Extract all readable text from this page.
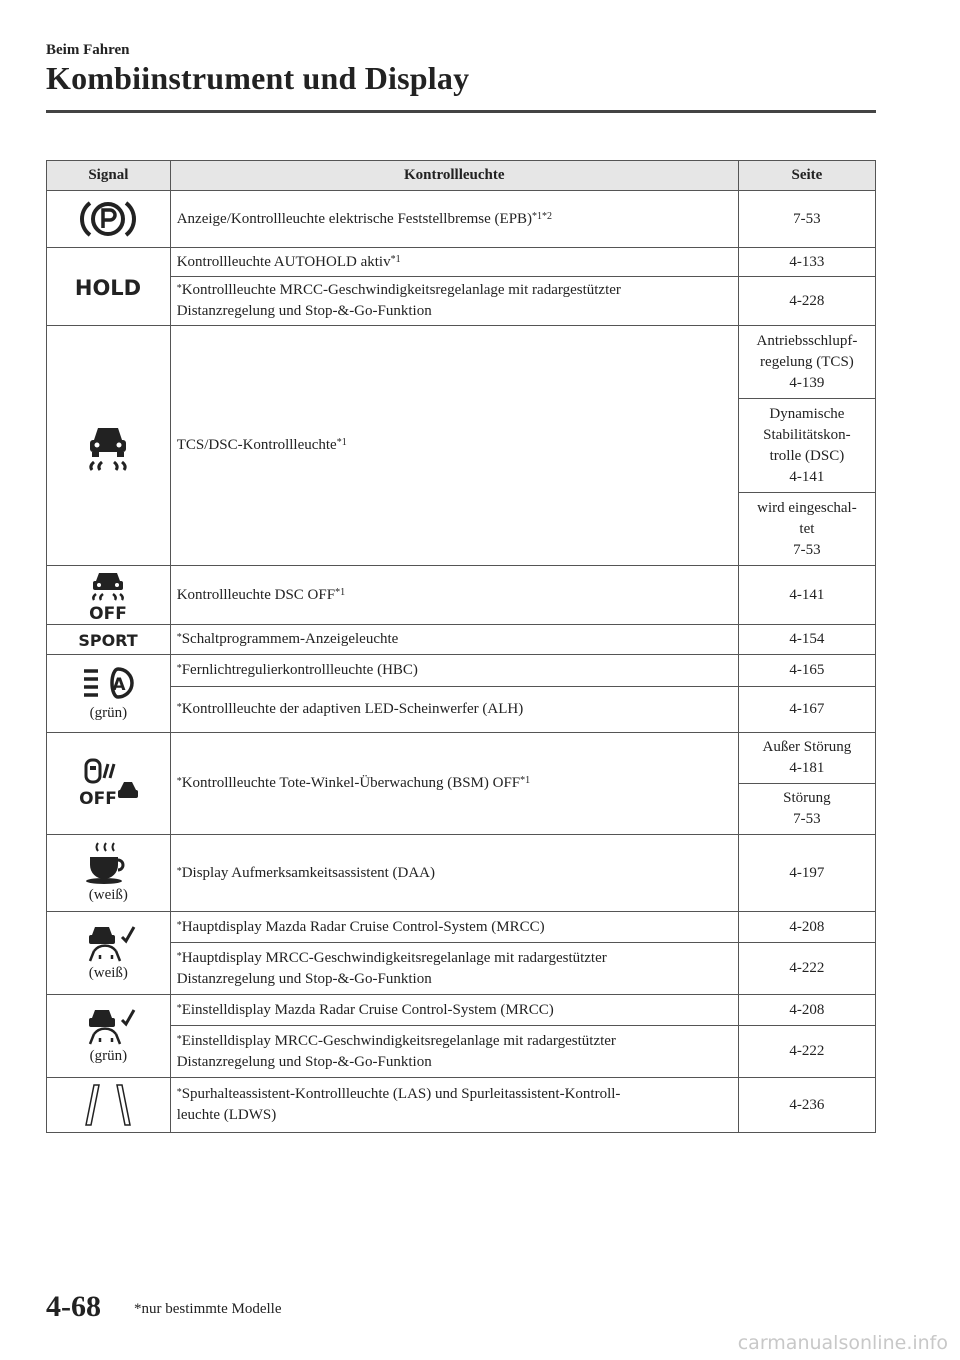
Beim Fahren
Kombiinstrument und Display
Signal	Kontrollleuchte	Seite

	Anzeige/Kontrollleuchte elektrische Feststellbremse (EPB)$^{*1*2}$	7-53

HOLD	Kontrollleuchte AUTOHOLD aktiv$^{*1}$	4-133
	*Kontrollleuchte MRCC-Geschwindigkeitsregelanlage mit radargestützter
Distanzregelung und Stop-&-Go-Funktion	4-228

	TCS/DSC-Kontrollleuchte$^{*1}$	Antriebsschlupf-
regelung (TCS)
4-139

		Dynamische
Stabilitätskon-
trolle (DSC)
4-141

		wird eingeschal-
tet
7-53

OFF	Kontrollleuchte DSC OFF$^{*1}$	4-141

SPORT	*Schaltprogrammem-Anzeigeleuchte	4-154

A
(grün)	*Fernlichtregulierkontrollleuchte (HBC)	4-165
	*Kontrollleuchte der adaptiven LED-Scheinwerfer (ALH)	4-167

OFF	*Kontrollleuchte Tote-Winkel-Überwachung (BSM) OFF$^{*1}$	Außer Störung
4-181

		Störung
7-53

(weiß)	*Display Aufmerksamkeitsassistent (DAA)	4-197

(weiß)	*Hauptdisplay Mazda Radar Cruise Control-System (MRCC)	4-208
	*Hauptdisplay MRCC-Geschwindigkeitsregelanlage mit radargestützter
Distanzregelung und Stop-&-Go-Funktion	4-222

(grün)	*Einstelldisplay Mazda Radar Cruise Control-System (MRCC)	4-208
	*Einstelldisplay MRCC-Geschwindigkeitsregelanlage mit radargestützter
Distanzregelung und Stop-&-Go-Funktion	4-222

	*Spurhalteassistent-Kontrollleuchte (LAS) und Spurleitassistent-Kontroll-
leuchte (LDWS)	4-236
4-68 *nur bestimmte Modelle
carmanualsonline.info
